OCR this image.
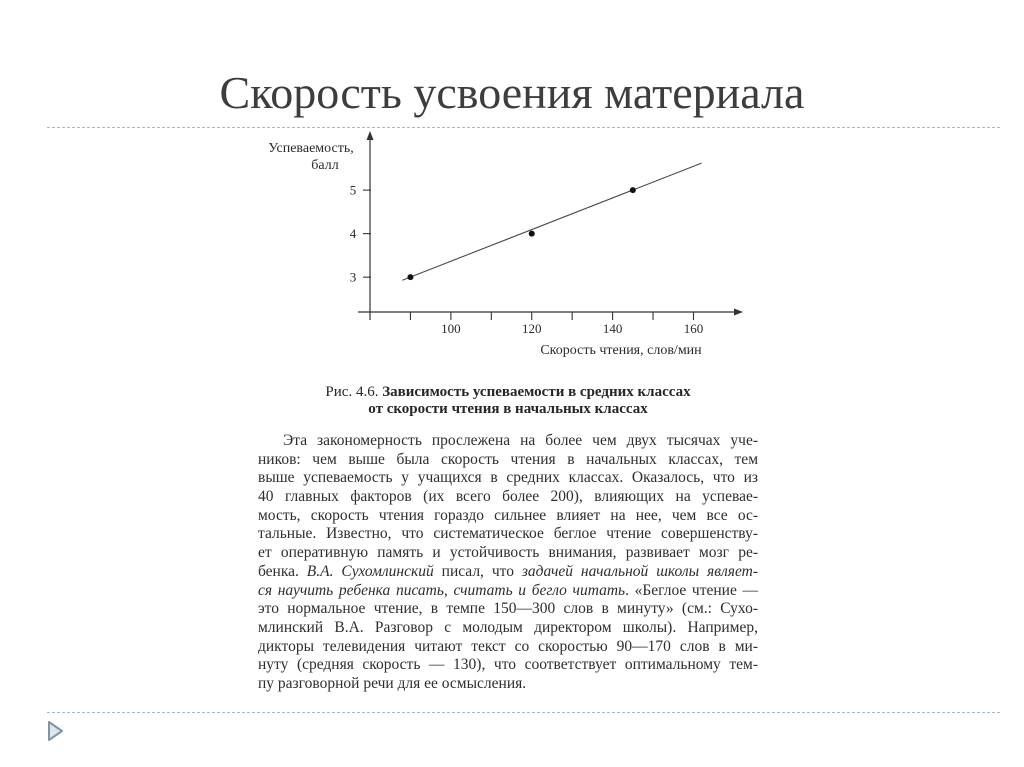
Скорость усвоения материала
Успеваемость,
балл
Скорость чтения, слов/мин
100	120	140	160
5
4
3
Рис. 4.6. Зависимость успеваемости в средних классах
от скорости чтения в начальных классах
Эта закономерность прослежена на более чем двух тысячах уче-
ников: чем выше была скорость чтения в начальных классах, тем
выше успеваемость у учащихся в средних классах. Оказалось, что из
40 главных факторов (их всего более 200), влияющих на успевае-
мость, скорость чтения гораздо сильнее влияет на нее, чем все ос-
тальные. Известно, что систематическое беглое чтение совершенству-
ет оперативную память и устойчивость внимания, развивает мозг ре-
бенка. В.А. Сухомлинский писал, что задачей начальной школы являет-
ся научить ребенка писать, считать и бегло читать. «Беглое чтение —
это нормальное чтение, в темпе 150—300 слов в минуту» (см.: Сухо-
млинский В.А. Разговор с молодым директором школы). Например,
дикторы телевидения читают текст со скоростью 90—170 слов в ми-
нуту (средняя скорость — 130), что соответствует оптимальному тем-
пу разговорной речи для ее осмысления.
